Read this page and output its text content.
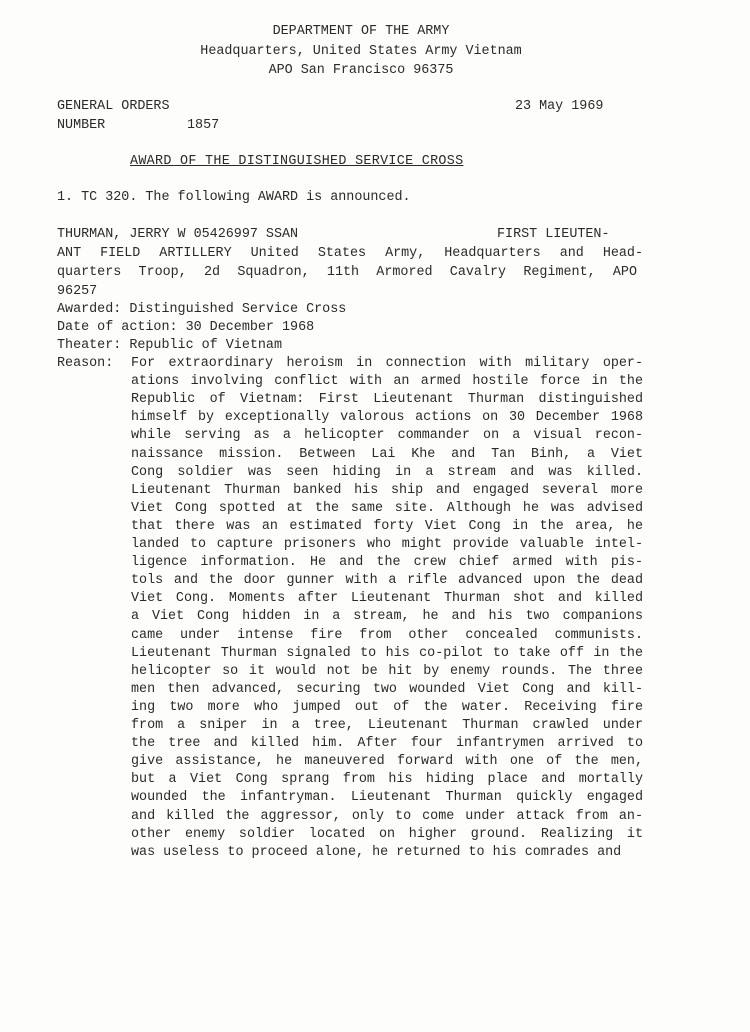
DEPARTMENT OF THE ARMY
Headquarters, United States Army Vietnam
APO San Francisco 96375
GENERAL ORDERS
NUMBER	1857
23 May 1969
AWARD OF THE DISTINGUISHED SERVICE CROSS
1. TC 320. The following AWARD is announced.
THURMAN, JERRY W 05426997 SSAN	FIRST LIEUTEN-
ANT FIELD ARTILLERY United States Army, Headquarters and Head-
quarters Troop, 2d Squadron, 11th Armored Cavalry Regiment, APO
96257
Awarded: Distinguished Service Cross
Date of action: 30 December 1968
Theater: Republic of Vietnam
Reason: For extraordinary heroism in connection with military oper-
ations involving conflict with an armed hostile force in the
Republic of Vietnam: First Lieutenant Thurman distinguished
himself by exceptionally valorous actions on 30 December 1968
while serving as a helicopter commander on a visual recon-
naissance mission. Between Lai Khe and Tan Binh, a Viet
Cong soldier was seen hiding in a stream and was killed.
Lieutenant Thurman banked his ship and engaged several more
Viet Cong spotted at the same site. Although he was advised
that there was an estimated forty Viet Cong in the area, he
landed to capture prisoners who might provide valuable intel-
ligence information. He and the crew chief armed with pis-
tols and the door gunner with a rifle advanced upon the dead
Viet Cong. Moments after Lieutenant Thurman shot and killed
a Viet Cong hidden in a stream, he and his two companions
came under intense fire from other concealed communists.
Lieutenant Thurman signaled to his co-pilot to take off in the
helicopter so it would not be hit by enemy rounds. The three
men then advanced, securing two wounded Viet Cong and kill-
ing two more who jumped out of the water. Receiving fire
from a sniper in a tree, Lieutenant Thurman crawled under
the tree and killed him. After four infantrymen arrived to
give assistance, he maneuvered forward with one of the men,
but a Viet Cong sprang from his hiding place and mortally
wounded the infantryman. Lieutenant Thurman quickly engaged
and killed the aggressor, only to come under attack from an-
other enemy soldier located on higher ground. Realizing it
was useless to proceed alone, he returned to his comrades and
